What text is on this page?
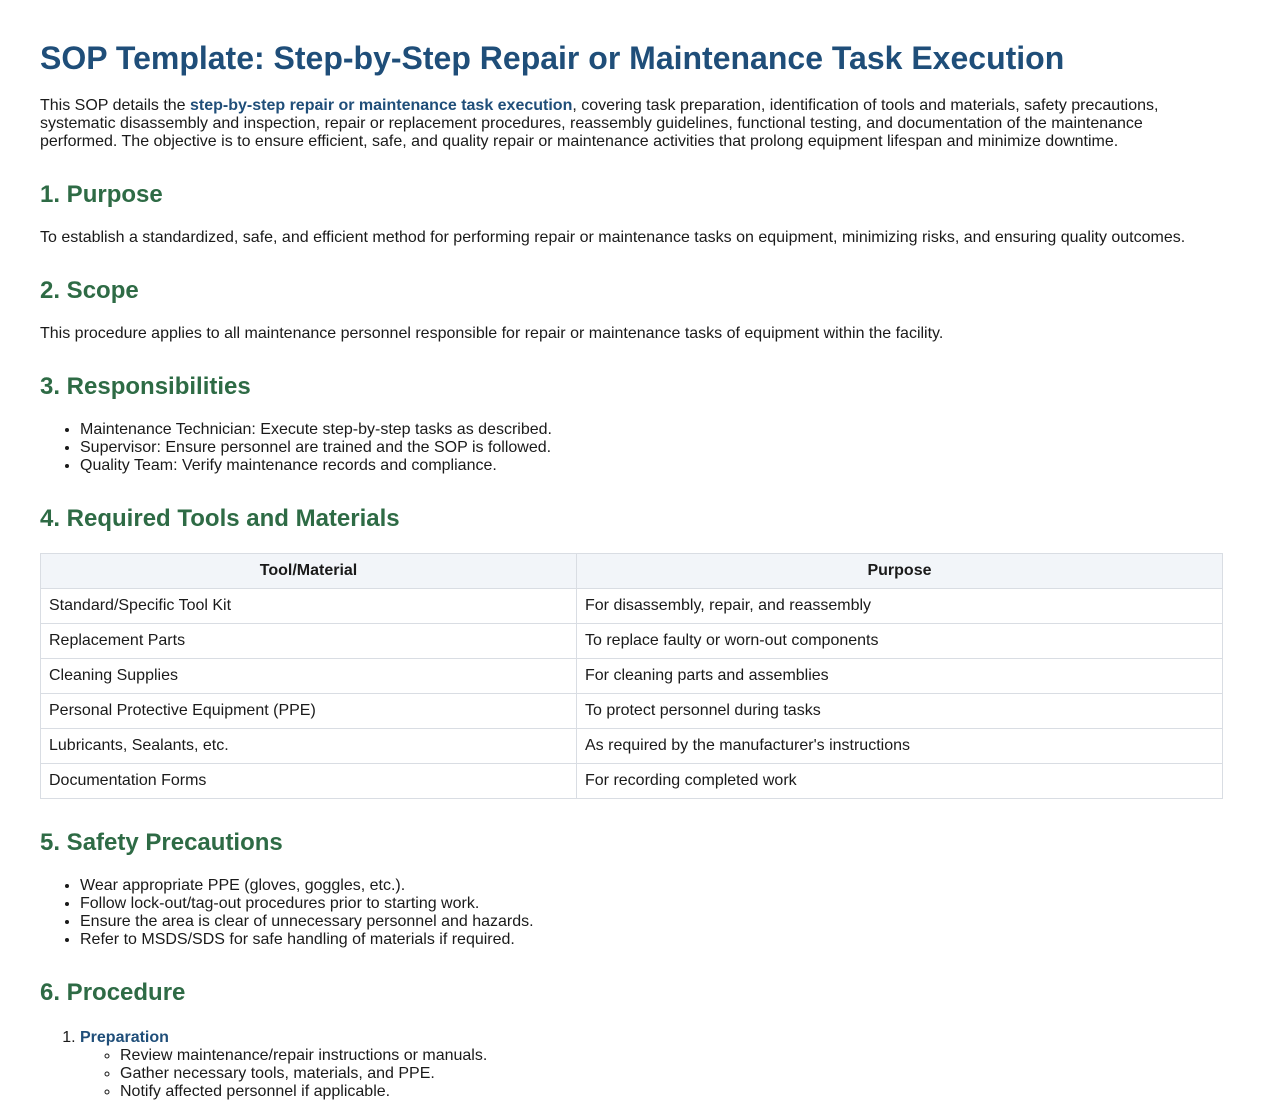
SOP Template: Step-by-Step Repair or Maintenance Task Execution

This SOP details the step-by-step repair or maintenance task execution, covering task preparation, identification of tools and materials, safety precautions, systematic disassembly and inspection, repair or replacement procedures, reassembly guidelines, functional testing, and documentation of the maintenance performed. The objective is to ensure efficient, safe, and quality repair or maintenance activities that prolong equipment lifespan and minimize downtime.

1. Purpose

To establish a standardized, safe, and efficient method for performing repair or maintenance tasks on equipment, minimizing risks, and ensuring quality outcomes.

2. Scope

This procedure applies to all maintenance personnel responsible for repair or maintenance tasks of equipment within the facility.

3. Responsibilities
• Maintenance Technician: Execute step-by-step tasks as described.
• Supervisor: Ensure personnel are trained and the SOP is followed.
• Quality Team: Verify maintenance records and compliance.
4. Required Tools and Materials
Tool/Material	Purpose
Standard/Specific Tool Kit	For disassembly, repair, and reassembly
Replacement Parts	To replace faulty or worn-out components
Cleaning Supplies	For cleaning parts and assemblies
Personal Protective Equipment (PPE)	To protect personnel during tasks
Lubricants, Sealants, etc.	As required by the manufacturer's instructions
Documentation Forms	For recording completed work
5. Safety Precautions
• Wear appropriate PPE (gloves, goggles, etc.).
• Follow lock-out/tag-out procedures prior to starting work.
• Ensure the area is clear of unnecessary personnel and hazards.
• Refer to MSDS/SDS for safe handling of materials if required.
6. Procedure
1. Preparation
◦ Review maintenance/repair instructions or manuals.
◦ Gather necessary tools, materials, and PPE.
◦ Notify affected personnel if applicable.
